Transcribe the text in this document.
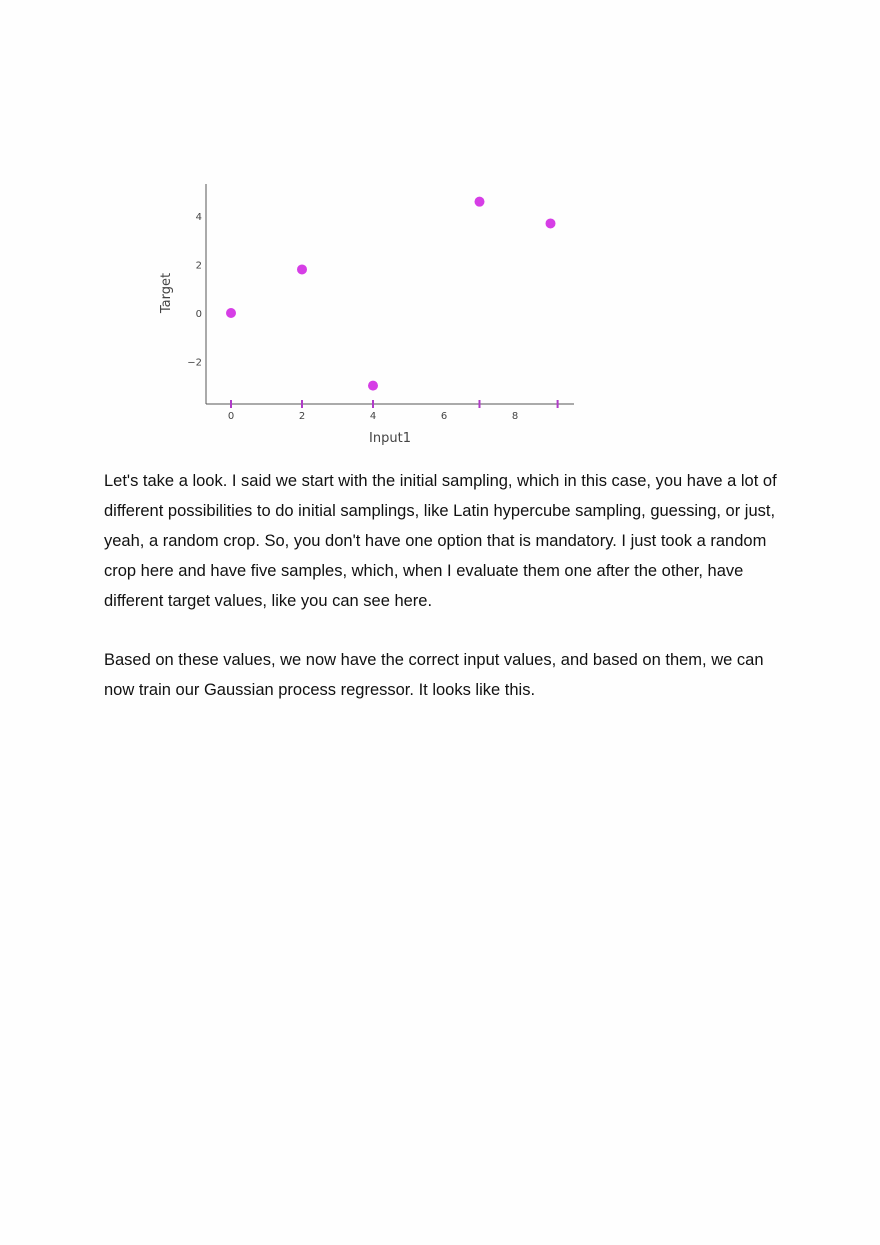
0	2	4	6	8
−2
0
2
4
Input1
Target

Let's take a look. I said we start with the initial sampling, which in this case, you have a lot of different possibilities to do initial samplings, like Latin hypercube sampling, guessing, or just, yeah, a random crop. So, you don't have one option that is mandatory. I just took a random crop here and have five samples, which, when I evaluate them one after the other, have different target values, like you can see here.

Based on these values, we now have the correct input values, and based on them, we can now train our Gaussian process regressor. It looks like this.
